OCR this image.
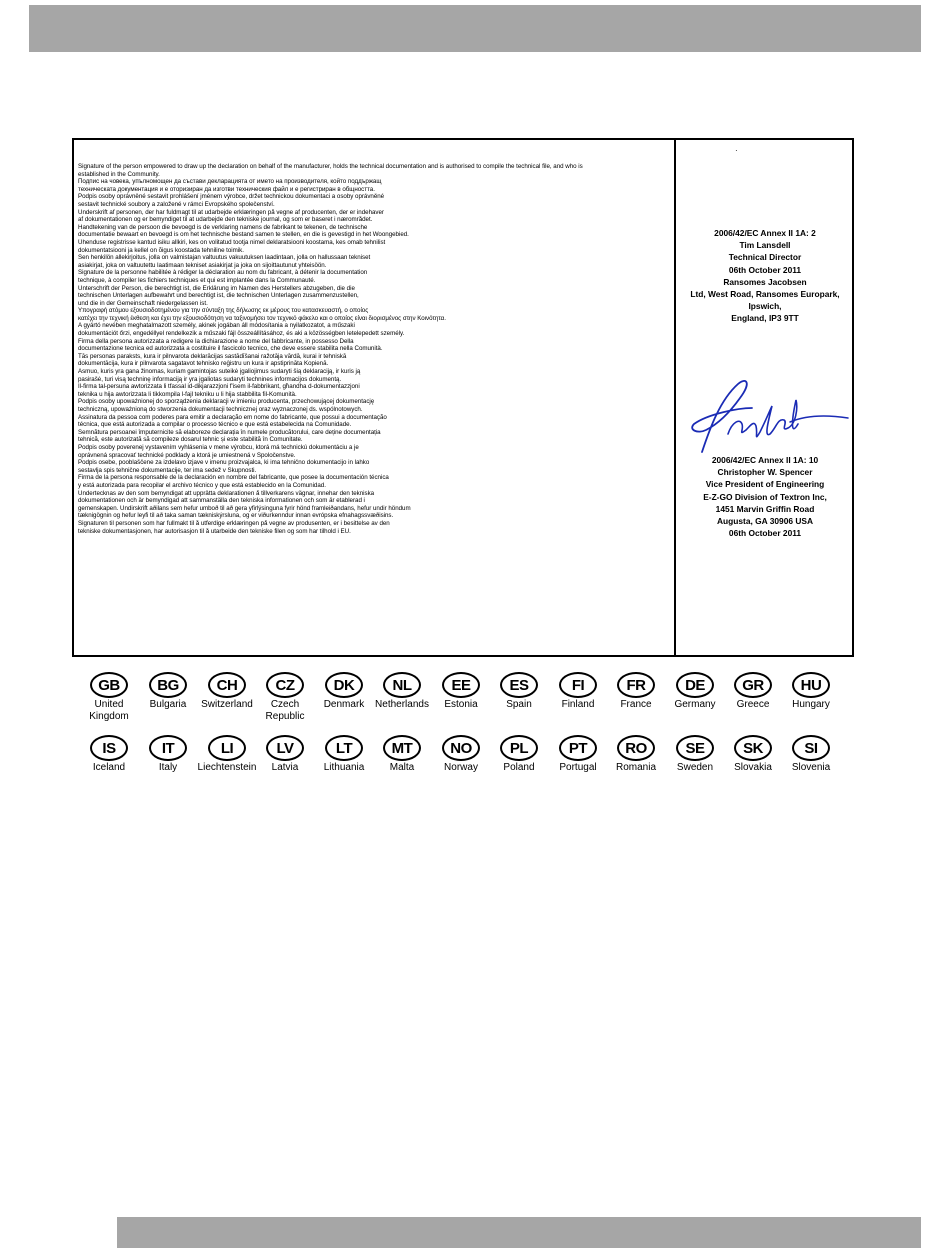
Signature of the person empowered to draw up the declaration on behalf of the manufacturer, holds the technical documentation and is authorised to compile the technical file, and who is
established in the Community.
Подпис на човека, упълномощен да състави декларацията от името на производителя, който поддържащ
техническата документация и е оторизиран да изготви техническия файл и е регистриран в общността.
Podpis osoby oprávněné sestavit prohlášení jménem výrobce, držet technickou dokumentaci a osoby oprávněné
sestavit technické soubory a založené v rámci Evropského společenství.
Underskrift af personen, der har fuldmagt til at udarbejde erklæringen på vegne af producenten, der er indehaver
af dokumentationen og er bemyndiget til at udarbejde den tekniske journal, og som er baseret i nærområdet.
Handtekening van de persoon die bevoegd is de verklaring namens de fabrikant te tekenen, de technische
documentatie bewaart en bevoegd is om het technische bestand samen te stellen, en die is gevestigd in het Woongebied.
Ühenduse registrisse kantud isiku allkiri, kes on volitatud tootja nimel deklaratsiooni koostama, kes omab tehnilist
dokumentatsiooni ja kellel on õigus koostada tehniline toimik.
Sen henkilön allekirjoitus, jolla on valmistajan valtuutus vakuutuksen laadintaan, jolla on hallussaan tekniset
asiakirjat, joka on valtuutettu laatimaan tekniset asiakirjat ja joka on sijoittautunut yhteisöön.
Signature de la personne habilitée à rédiger la déclaration au nom du fabricant, à détenir la documentation
technique, à compiler les fichiers techniques et qui est implantée dans la Communauté.
Unterschrift der Person, die berechtigt ist, die Erklärung im Namen des Herstellers abzugeben, die die
technischen Unterlagen aufbewahrt und berechtigt ist, die technischen Unterlagen zusammenzustellen,
und die in der Gemeinschaft niedergelassen ist.
Υπογραφή ατόμου εξουσιοδοτημένου για την σύνταξη της δήλωσης εκ μέρους του κατασκευαστή, ο οποίος
κατέχει την τεχνική έκθεση και έχει την εξουσιοδότηση να ταξινομήσει τον τεχνικό φάκελο και ο οποίος είναι διορισμένος στην Κοινότητα.
A gyártó nevében meghatalmazott személy, akinek jogában áll módosítania a nyilatkozatot, a műszaki
dokumentációt őrzi, engedéllyel rendelkezik a műszaki fájl összeállításához, és aki a közösségben letelepedett személy.
Firma della persona autorizzata a redigere la dichiarazione a nome del fabbricante, in possesso Della
documentazione tecnica ed autorizzata a costituire il fascicolo tecnico, che deve essere stabilita nella Comunità.
Tās personas paraksts, kura ir pilnvarota deklarācijas sastādīšanai ražotāja vārdā, kurai ir tehniskā
dokumentācija, kura ir pilnvarota sagatavot tehnisko reģistru un kura ir apstiprināta Kopienā.
Asmuo, kuris yra gana žinomas, kuriam gamintojas suteikė įgaliojimus sudaryti šią deklaraciją, ir kuris ją
pasirašė, turi visą techninę informaciją ir yra įgaliotas sudaryti technines informacijos dokumentą.
Il-firma tal-persuna awtorizzata li tfassal id-dikjarazzjoni f'isem il-fabbrikant, għandha d-dokumentazzjoni
teknika u hija awtorizzata li tikkompila l-fajl tekniku u li hija stabbilita fil-Komunità.
Podpis osoby upoważnionej do sporządzenia deklaracji w imieniu producenta, przechowującej dokumentację
techniczną, upoważnioną do stworzenia dokumentacji technicznej oraz wyznaczonej ds. wspólnotowych.
Assinatura da pessoa com poderes para emitir a declaração em nome do fabricante, que possui a documentação
técnica, que está autorizada a compilar o processo técnico e que está estabelecida na Comunidade.
Semnătura persoanei împuternicite să elaboreze declarația în numele producătorului, care deține documentația
tehnică, este autorizată să compileze dosarul tehnic și este stabilită în Comunitate.
Podpis osoby poverenej vystavením vyhlásenia v mene výrobcu, ktorá má technickú dokumentáciu a je
oprávnená spracovať technické podklady a ktorá je umiestnená v Spoločenstve.
Podpis osebe, pooblaščene za izdelavo izjave v imenu proizvajalca, ki ima tehnično dokumentacijo in lahko
sestavlja spis tehnične dokumentacije, ter ima sedež v Skupnosti.
Firma de la persona responsable de la declaración en nombre del fabricante, que posee la documentación técnica
y está autorizada para recopilar el archivo técnico y que está establecido en la Comunidad.
Undertecknas av den som bemyndigat att upprätta deklarationen å tillverkarens vägnar, innehar den tekniska
dokumentationen och är bemyndigad att sammanställa den tekniska informationen och som är etablerad i
gemenskapen. Undirskrift aðilans sem hefur umboð til að gera yfirlýsinguna fyrir hönd framleiðandans, hefur undir höndum
tæknigögnin og hefur leyfi til að taka saman tækniskýrsluna, og er viðurkenndur innan evrópska efnahagssvæðisins.
Signaturen til personen som har fullmakt til å utferdige erklæringen på vegne av produsenten, er i besittelse av den
tekniske dokumentasjonen, har autorisasjon til å utarbeide den tekniske filen og som har tilhold i EU.
·
2006/42/EC Annex II 1A: 2
Tim Lansdell
Technical Director
06th October 2011
Ransomes Jacobsen
Ltd, West Road, Ransomes Europark,
Ipswich,
England, IP3 9TT
2006/42/EC Annex II 1A: 10
Christopher W. Spencer
Vice President of Engineering
E-Z-GO Division of Textron Inc,
1451 Marvin Griffin Road
Augusta, GA 30906 USA
06th October 2011
GB
United Kingdom
BG
Bulgaria
CH
Switzerland
CZ
Czech Republic
DK
Denmark
NL
Netherlands
EE
Estonia
ES
Spain
FI
Finland
FR
France
DE
Germany
GR
Greece
HU
Hungary
IS
Iceland
IT
Italy
LI
Liechtenstein
LV
Latvia
LT
Lithuania
MT
Malta
NO
Norway
PL
Poland
PT
Portugal
RO
Romania
SE
Sweden
SK
Slovakia
SI
Slovenia
